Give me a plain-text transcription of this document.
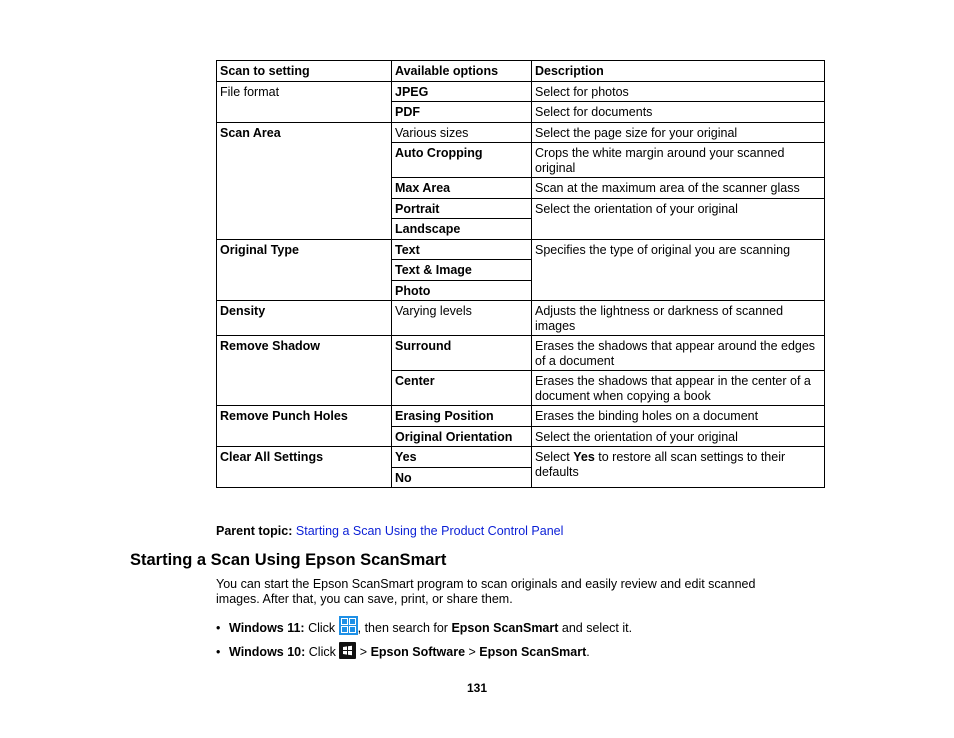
Scan to setting	Available options	Description
File format	JPEG	Select for photos
	PDF	Select for documents
Scan Area	Various sizes	Select the page size for your original
	Auto Cropping	Crops the white margin around your scanned original
	Max Area	Scan at the maximum area of the scanner glass
	Portrait	Select the orientation of your original
	Landscape	
Original Type	Text	Specifies the type of original you are scanning
	Text & Image	
	Photo	
Density	Varying levels	Adjusts the lightness or darkness of scanned images
Remove Shadow	Surround	Erases the shadows that appear around the edges of a document
	Center	Erases the shadows that appear in the center of a document when copying a book
Remove Punch Holes	Erasing Position	Erases the binding holes on a document
	Original Orientation	Select the orientation of your original
Clear All Settings	Yes	Select Yes to restore all scan settings to their defaults
	No	
Parent topic: Starting a Scan Using the Product Control Panel
Starting a Scan Using Epson ScanSmart

You can start the Epson ScanSmart program to scan originals and easily review and edit scanned images. After that, you can save, print, or share them.

• Windows 11: Click , then search for Epson ScanSmart and select it.
• Windows 10: Click  > Epson Software > Epson ScanSmart.
131
